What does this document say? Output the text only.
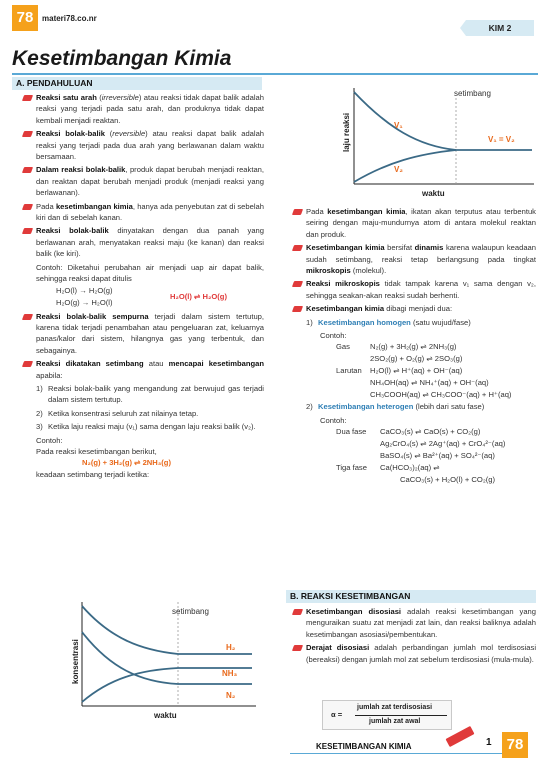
78	materi78.co.nr
KIM 2
Kesetimbangan Kimia
A. PENDAHULUAN
Reaksi satu arah (irreversible) atau reaksi tidak dapat balik adalah reaksi yang terjadi pada satu arah, dan produknya tidak dapat kembali menjadi reaktan.
Reaksi bolak-balik (reversible) atau reaksi dapat balik adalah reaksi yang terjadi pada dua arah yang berlawanan dalam waktu bersamaan.
Dalam reaksi bolak-balik, produk dapat berubah menjadi reaktan, dan reaktan dapat berubah menjadi produk (menjadi reaksi yang berlawanan).
Pada kesetimbangan kimia, hanya ada penyebutan zat di sebelah kiri dan di sebelah kanan.
Reaksi bolak-balik dinyatakan dengan dua panah yang berlawanan arah, menyatakan reaksi maju (ke kanan) dan reaksi balik (ke kiri).
Contoh: Diketahui perubahan air menjadi uap air dapat balik, sehingga reaksi dapat ditulis
H₂O(l) → H₂O(g)
H₂O(g) → H₂O(l)
H₂O(l) ⇌ H₂O(g)
Reaksi bolak-balik sempurna terjadi dalam sistem tertutup, karena tidak terjadi penambahan atau pengeluaran zat, keluarnya panas/kalor dari sistem, hilangnya gas yang terbentuk, dan sebagainya.
Reaksi dikatakan setimbang atau mencapai kesetimbangan apabila:
1) Reaksi bolak-balik yang mengandung zat berwujud gas terjadi dalam sistem tertutup.
2) Ketika konsentrasi seluruh zat nilainya tetap.
3) Ketika laju reaksi maju (v₁) sama dengan laju reaksi balik (v₂).
Contoh:
Pada reaksi kesetimbangan berikut,
N₂(g) + 3H₂(g) ⇌ 2NH₃(g)
keadaan setimbang terjadi ketika:
setimbang
H₂
NH₃
N₂
waktu
konsentrasi
setimbang
V₁
V₂
V₁ = V₂
waktu
laju reaksi
Pada kesetimbangan kimia, ikatan akan terputus atau terbentuk seiring dengan maju-mundurnya atom di antara molekul reaktan dan produk.
Kesetimbangan kimia bersifat dinamis karena walaupun keadaan sudah setimbang, reaksi tetap berlangsung pada tingkat mikroskopis (molekul).
Reaksi mikroskopis tidak tampak karena v₁ sama dengan v₂, sehingga seakan-akan reaksi sudah berhenti.
Kesetimbangan kimia dibagi menjadi dua:
1) Kesetimbangan homogen (satu wujud/fase)
Contoh:
Gas	N₂(g) + 3H₂(g) ⇌ 2NH₃(g)
2SO₂(g) + O₂(g) ⇌ 2SO₃(g)
Larutan H₂O(l) ⇌ H⁺(aq) + OH⁻(aq)
NH₄OH(aq) ⇌ NH₄⁺(aq) + OH⁻(aq)
CH₃COOH(aq) ⇌ CH₃COO⁻(aq) + H⁺(aq)
2) Kesetimbangan heterogen (lebih dari satu fase)
Contoh:
Dua fase CaCO₃(s) ⇌ CaO(s) + CO₂(g)
Ag₂CrO₄(s) ⇌ 2Ag⁺(aq) + CrO₄²⁻(aq)
BaSO₄(s) ⇌ Ba²⁺(aq) + SO₄²⁻(aq)
Tiga fase Ca(HCO₃)₂(aq) ⇌
CaCO₃(s) + H₂O(l) + CO₂(g)
B. REAKSI KESETIMBANGAN
Kesetimbangan disosiasi adalah reaksi kesetimbangan yang menguraikan suatu zat menjadi zat lain, dan reaksi baliknya adalah kesetimbangan asosiasi/pembentukan.
Derajat disosiasi adalah perbandingan jumlah mol terdisosiasi (bereaksi) dengan jumlah mol zat sebelum terdisosiasi (mula-mula).
α =
jumlah zat terdisosiasi
jumlah zat awal
KESETIMBANGAN KIMIA	1	78
